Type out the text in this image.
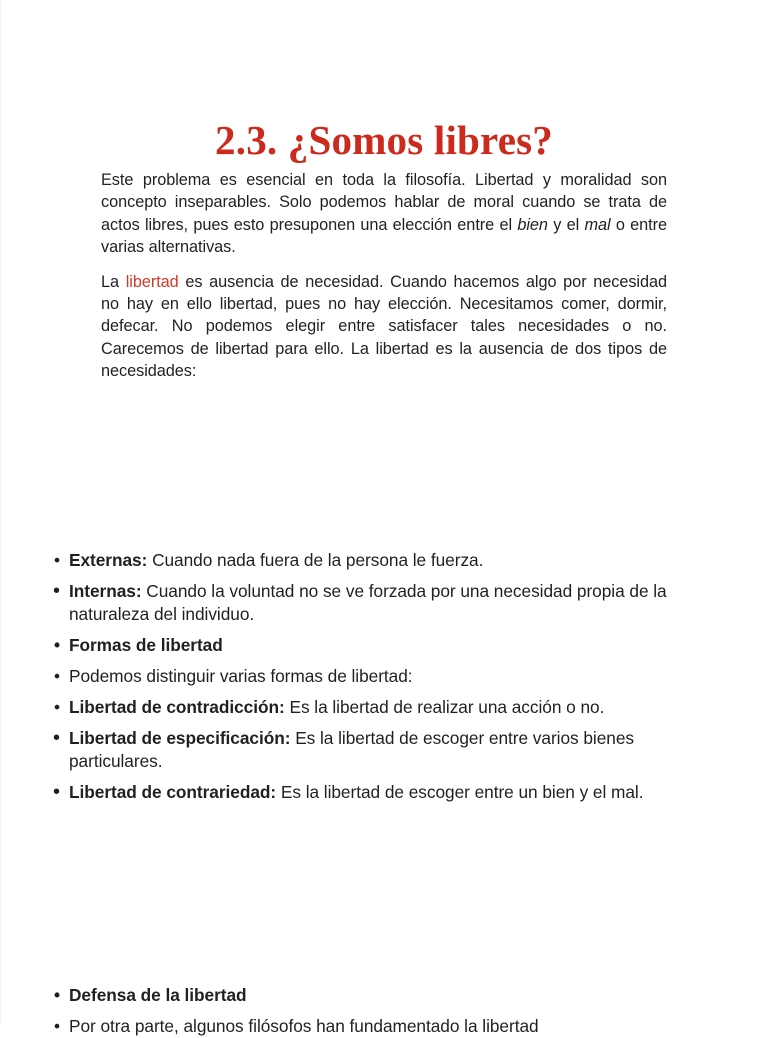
2.3. ¿Somos libres?

Este problema es esencial en toda la filosofía. Libertad y moralidad son concepto inseparables. Solo podemos hablar de moral cuando se trata de actos libres, pues esto presuponen una elección entre el bien y el mal o entre varias alternativas.

La libertad es ausencia de necesidad. Cuando hacemos algo por necesidad no hay en ello libertad, pues no hay elección. Necesitamos comer, dormir, defecar. No podemos elegir entre satisfacer tales necesidades o no. Carecemos de libertad para ello. La libertad es la ausencia de dos tipos de necesidades:

• Externas: Cuando nada fuera de la persona le fuerza.

• Internas: Cuando la voluntad no se ve forzada por una necesidad propia de la naturaleza del individuo.

• Formas de libertad

• Podemos distinguir varias formas de libertad:

• Libertad de contradicción: Es la libertad de realizar una acción o no.

• Libertad de especificación: Es la libertad de escoger entre varios bienes particulares.

• Libertad de contrariedad: Es la libertad de escoger entre un bien y el mal.

• Defensa de la libertad

• Por otra parte, algunos filósofos han fundamentado la libertad
